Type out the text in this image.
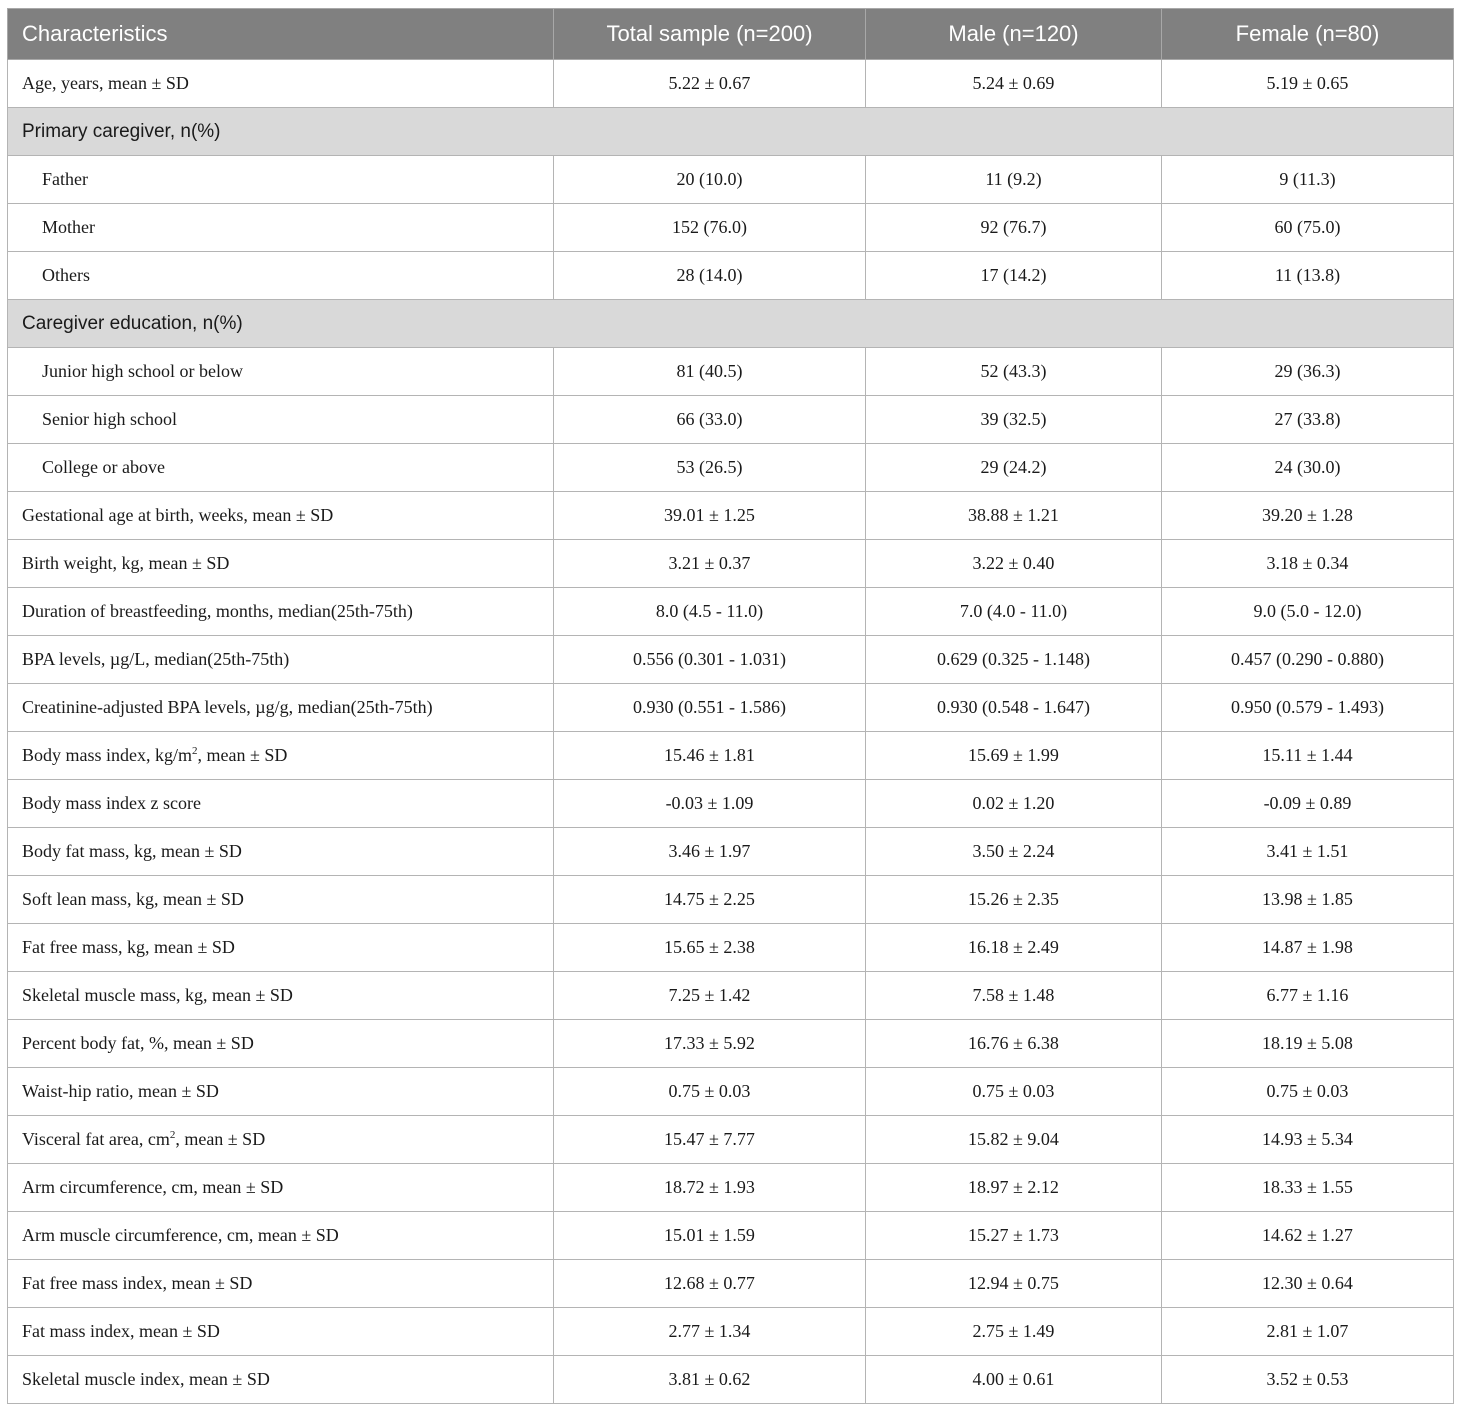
Characteristics	Total sample (n=200)	Male (n=120)	Female (n=80)
Age, years, mean ± SD	5.22 ± 0.67	5.24 ± 0.69	5.19 ± 0.65
Primary caregiver, n(%)			
Father	20 (10.0)	11 (9.2)	9 (11.3)
Mother	152 (76.0)	92 (76.7)	60 (75.0)
Others	28 (14.0)	17 (14.2)	11 (13.8)
Caregiver education, n(%)			
Junior high school or below	81 (40.5)	52 (43.3)	29 (36.3)
Senior high school	66 (33.0)	39 (32.5)	27 (33.8)
College or above	53 (26.5)	29 (24.2)	24 (30.0)
Gestational age at birth, weeks, mean ± SD	39.01 ± 1.25	38.88 ± 1.21	39.20 ± 1.28
Birth weight, kg, mean ± SD	3.21 ± 0.37	3.22 ± 0.40	3.18 ± 0.34
Duration of breastfeeding, months, median(25th-75th)	8.0 (4.5 - 11.0)	7.0 (4.0 - 11.0)	9.0 (5.0 - 12.0)
BPA levels, µg/L, median(25th-75th)	0.556 (0.301 - 1.031)	0.629 (0.325 - 1.148)	0.457 (0.290 - 0.880)
Creatinine-adjusted BPA levels, µg/g, median(25th-75th)	0.930 (0.551 - 1.586)	0.930 (0.548 - 1.647)	0.950 (0.579 - 1.493)
Body mass index, $kg/m^2$, mean ± SD	15.46 ± 1.81	15.69 ± 1.99	15.11 ± 1.44
Body mass index z score	-0.03 ± 1.09	0.02 ± 1.20	-0.09 ± 0.89
Body fat mass, kg, mean ± SD	3.46 ± 1.97	3.50 ± 2.24	3.41 ± 1.51
Soft lean mass, kg, mean ± SD	14.75 ± 2.25	15.26 ± 2.35	13.98 ± 1.85
Fat free mass, kg, mean ± SD	15.65 ± 2.38	16.18 ± 2.49	14.87 ± 1.98
Skeletal muscle mass, kg, mean ± SD	7.25 ± 1.42	7.58 ± 1.48	6.77 ± 1.16
Percent body fat, %, mean ± SD	17.33 ± 5.92	16.76 ± 6.38	18.19 ± 5.08
Waist-hip ratio, mean ± SD	0.75 ± 0.03	0.75 ± 0.03	0.75 ± 0.03
Visceral fat area, $cm^2$, mean ± SD	15.47 ± 7.77	15.82 ± 9.04	14.93 ± 5.34
Arm circumference, cm, mean ± SD	18.72 ± 1.93	18.97 ± 2.12	18.33 ± 1.55
Arm muscle circumference, cm, mean ± SD	15.01 ± 1.59	15.27 ± 1.73	14.62 ± 1.27
Fat free mass index, mean ± SD	12.68 ± 0.77	12.94 ± 0.75	12.30 ± 0.64
Fat mass index, mean ± SD	2.77 ± 1.34	2.75 ± 1.49	2.81 ± 1.07
Skeletal muscle index, mean ± SD	3.81 ± 0.62	4.00 ± 0.61	3.52 ± 0.53
